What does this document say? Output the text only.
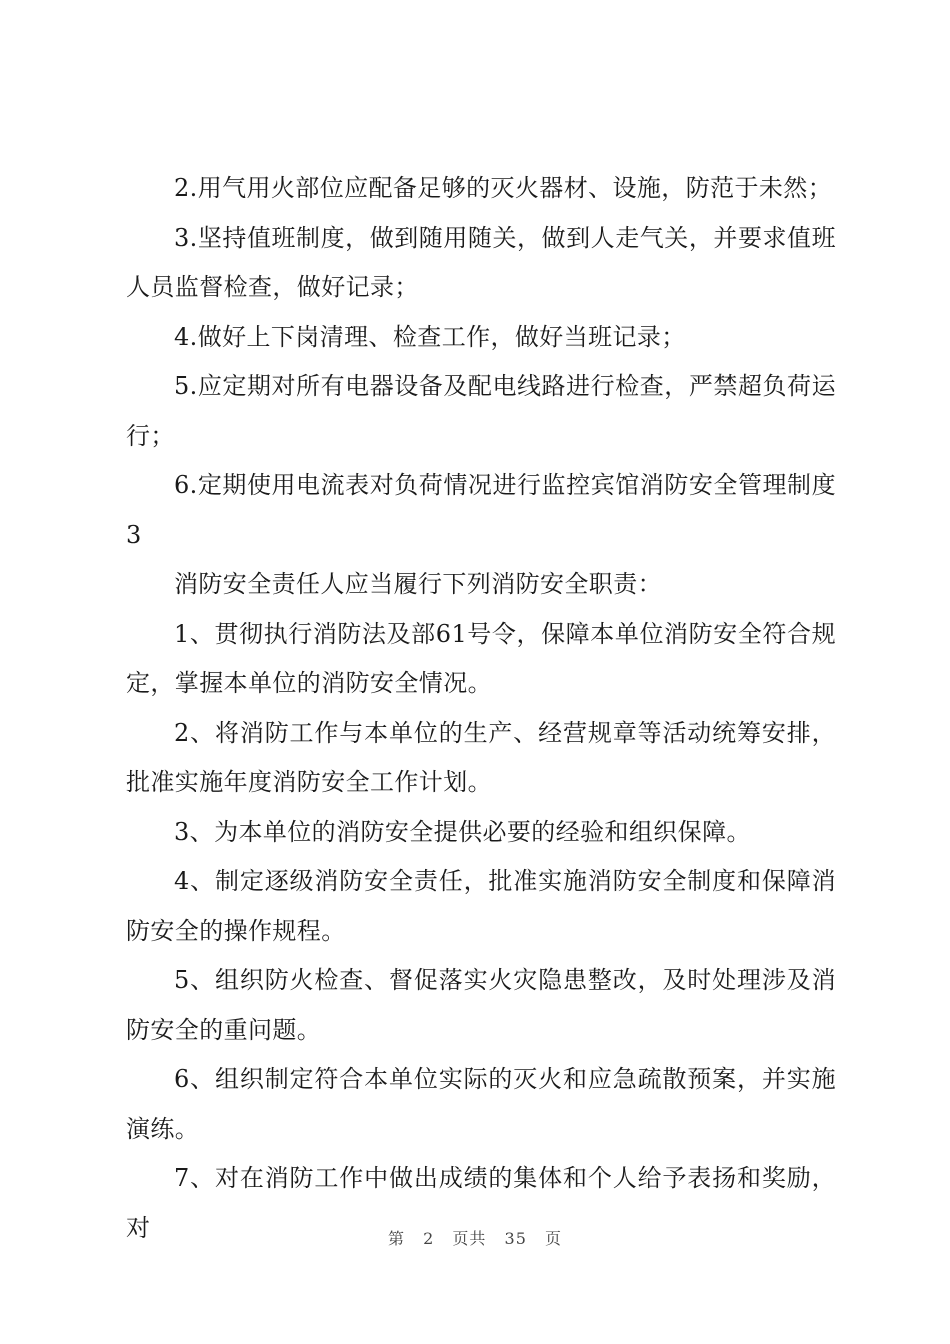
2.用气用火部位应配备足够的灭火器材、设施，防范于未然；

3.坚持值班制度，做到随用随关，做到人走气关，并要求值班人员监督检查，做好记录；

4.做好上下岗清理、检查工作，做好当班记录；

5.应定期对所有电器设备及配电线路进行检查，严禁超负荷运行；

6.定期使用电流表对负荷情况进行监控宾馆消防安全管理制度3

消防安全责任人应当履行下列消防安全职责：

1、贯彻执行消防法及部61号令，保障本单位消防安全符合规定，掌握本单位的消防安全情况。

2、将消防工作与本单位的生产、经营规章等活动统筹安排，批准实施年度消防安全工作计划。

3、为本单位的消防安全提供必要的经验和组织保障。

4、制定逐级消防安全责任，批准实施消防安全制度和保障消防安全的操作规程。

5、组织防火检查、督促落实火灾隐患整改，及时处理涉及消防安全的重问题。

6、组织制定符合本单位实际的灭火和应急疏散预案，并实施演练。

7、对在消防工作中做出成绩的集体和个人给予表扬和奖励，对	第 2 页共 35 页
